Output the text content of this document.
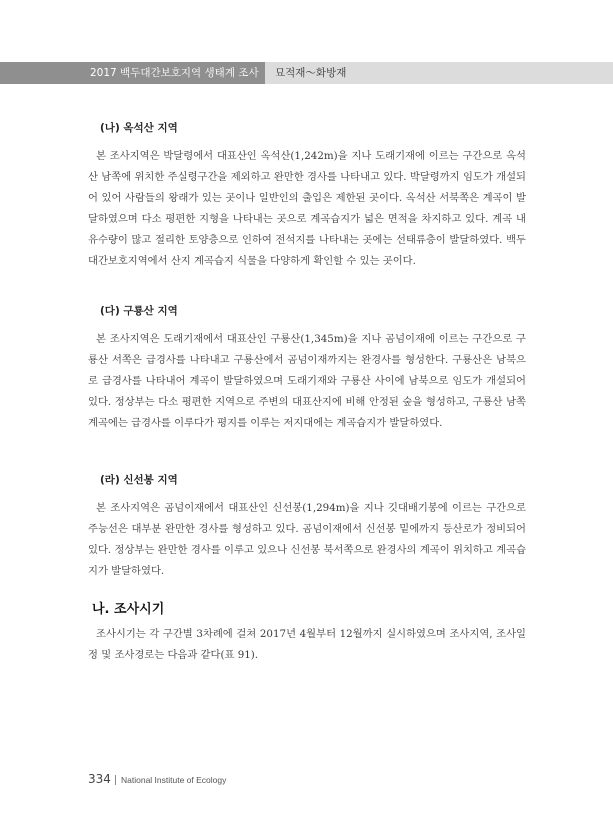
2017 백두대간보호지역 생태계 조사 묘적재～화방재
(나) 옥석산 지역

본 조사지역은 박달령에서 대표산인 옥석산(1,242m)을 지나 도래기재에 이르는 구간으로 옥석산 남쪽에 위치한 주실령구간을 제외하고 완만한 경사를 나타내고 있다. 박달령까지 임도가 개설되어 있어 사람들의 왕래가 있는 곳이나 일반인의 출입은 제한된 곳이다. 옥석산 서북쪽은 계곡이 발달하였으며 다소 평편한 지형을 나타내는 곳으로 계곡습지가 넓은 면적을 차지하고 있다. 계곡 내 유수량이 많고 절리한 토양층으로 인하여 전석지를 나타내는 곳에는 선태류층이 발달하였다. 백두대간보호지역에서 산지 계곡습지 식물을 다양하게 확인할 수 있는 곳이다.

(다) 구룡산 지역

본 조사지역은 도래기재에서 대표산인 구룡산(1,345m)을 지나 곰넘이재에 이르는 구간으로 구룡산 서쪽은 급경사를 나타내고 구룡산에서 곰넘이재까지는 완경사를 형성한다. 구룡산은 남북으로 급경사를 나타내어 계곡이 발달하였으며 도래기재와 구룡산 사이에 남북으로 임도가 개설되어 있다. 정상부는 다소 평편한 지역으로 주변의 대표산지에 비해 안정된 숲을 형성하고, 구룡산 남쪽 계곡에는 급경사를 이루다가 평지를 이루는 저지대에는 계곡습지가 발달하였다.

(라) 신선봉 지역

본 조사지역은 곰넘이재에서 대표산인 신선봉(1,294m)을 지나 깃대배기봉에 이르는 구간으로 주능선은 대부분 완만한 경사를 형성하고 있다. 곰넘이재에서 신선봉 밑에까지 등산로가 정비되어 있다. 정상부는 완만한 경사를 이루고 있으나 신선봉 북서쪽으로 완경사의 계곡이 위치하고 계곡습지가 발달하였다.

나. 조사시기

조사시기는 각 구간별 3차례에 걸쳐 2017년 4월부터 12월까지 실시하였으며 조사지역, 조사일정 및 조사경로는 다음과 같다(표 91).

334 National Institute of Ecology
